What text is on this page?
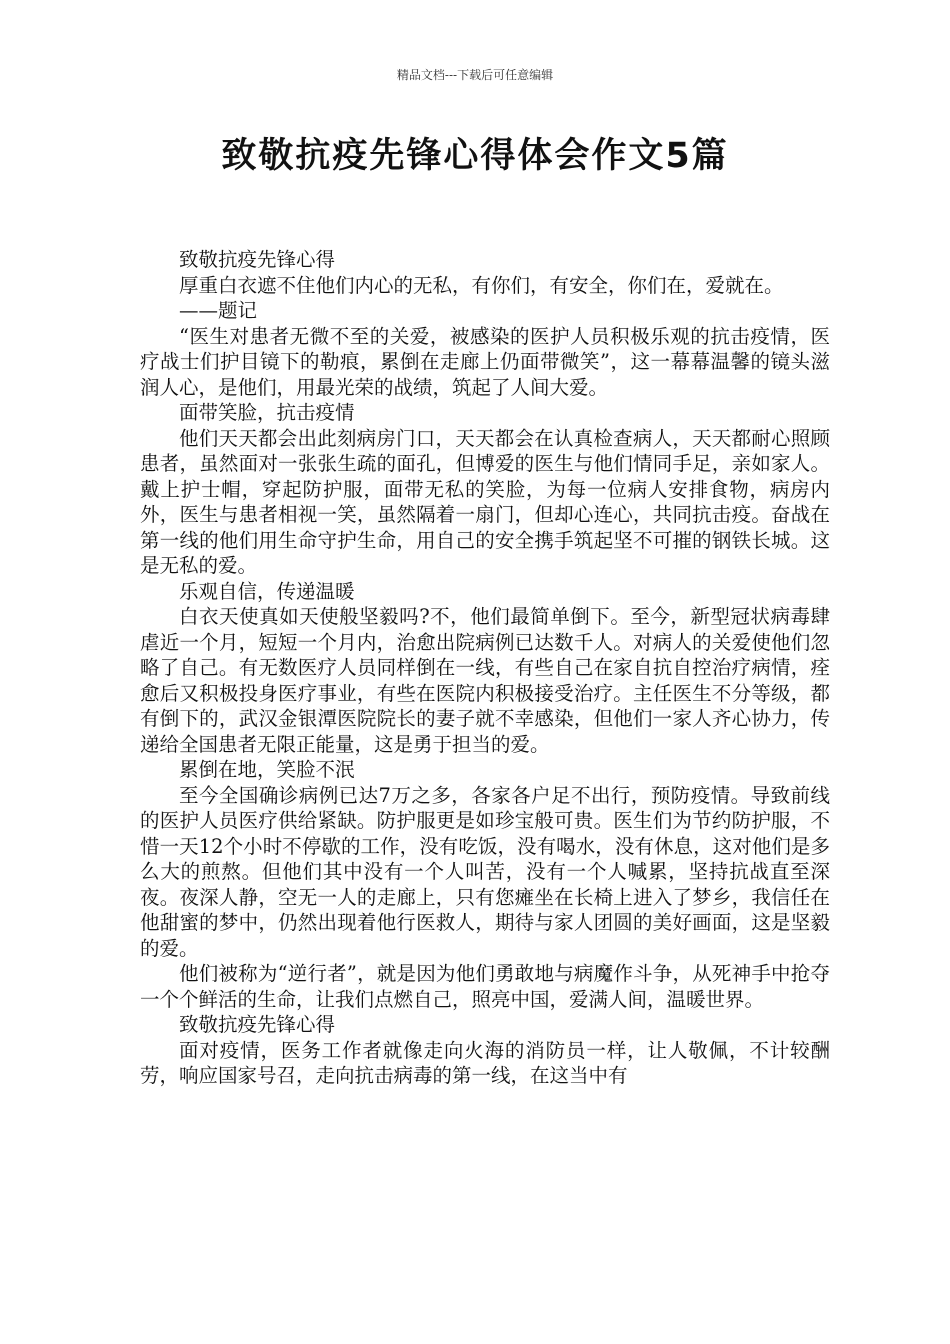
精品文档---下载后可任意编辑
致敬抗疫先锋心得体会作文5篇

致敬抗疫先锋心得

厚重白衣遮不住他们内心的无私，有你们，有安全，你们在，爱就在。

——题记

“医生对患者无微不至的关爱，被感染的医护人员积极乐观的抗击疫情，医疗战士们护目镜下的勒痕，累倒在走廊上仍面带微笑”，这一幕幕温馨的镜头滋润人心，是他们，用最光荣的战绩，筑起了人间大爱。

面带笑脸，抗击疫情

他们天天都会出此刻病房门口，天天都会在认真检查病人，天天都耐心照顾患者，虽然面对一张张生疏的面孔，但博爱的医生与他们情同手足，亲如家人。戴上护士帽，穿起防护服，面带无私的笑脸，为每一位病人安排食物，病房内外，医生与患者相视一笑，虽然隔着一扇门，但却心连心，共同抗击疫。奋战在第一线的他们用生命守护生命，用自己的安全携手筑起坚不可摧的钢铁长城。这是无私的爱。

乐观自信，传递温暖

白衣天使真如天使般坚毅吗?不，他们最简单倒下。至今，新型冠状病毒肆虐近一个月，短短一个月内，治愈出院病例已达数千人。对病人的关爱使他们忽略了自己。有无数医疗人员同样倒在一线，有些自己在家自抗自控治疗病情，痊愈后又积极投身医疗事业，有些在医院内积极接受治疗。主任医生不分等级，都有倒下的，武汉金银潭医院院长的妻子就不幸感染，但他们一家人齐心协力，传递给全国患者无限正能量，这是勇于担当的爱。

累倒在地，笑脸不泯

至今全国确诊病例已达7万之多，各家各户足不出行，预防疫情。导致前线的医护人员医疗供给紧缺。防护服更是如珍宝般可贵。医生们为节约防护服，不惜一天12个小时不停歇的工作，没有吃饭，没有喝水，没有休息，这对他们是多么大的煎熬。但他们其中没有一个人叫苦，没有一个人喊累，坚持抗战直至深夜。夜深人静，空无一人的走廊上，只有您瘫坐在长椅上进入了梦乡，我信任在他甜蜜的梦中，仍然出现着他行医救人，期待与家人团圆的美好画面，这是坚毅的爱。

他们被称为“逆行者”，就是因为他们勇敢地与病魔作斗争，从死神手中抢夺一个个鲜活的生命，让我们点燃自己，照亮中国，爱满人间，温暖世界。

致敬抗疫先锋心得

面对疫情，医务工作者就像走向火海的消防员一样，让人敬佩，不计较酬劳，响应国家号召，走向抗击病毒的第一线，在这当中有
